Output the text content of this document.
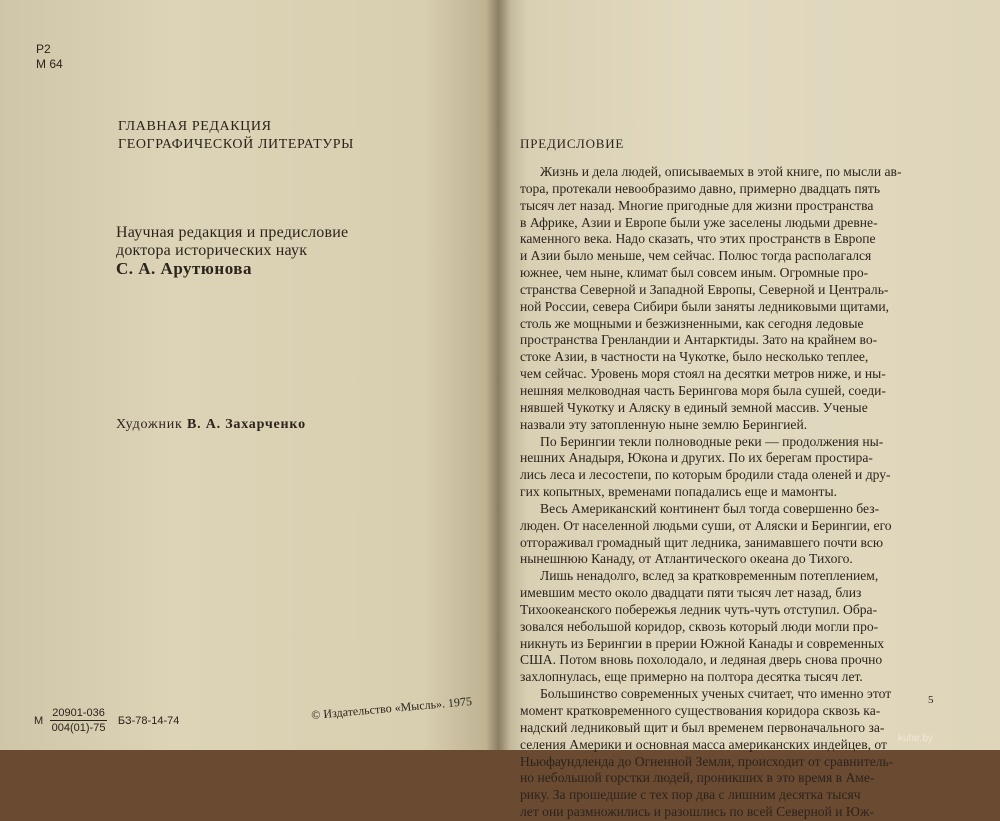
Р2
М 64
ГЛАВНАЯ РЕДАКЦИЯ
ГЕОГРАФИЧЕСКОЙ ЛИТЕРАТУРЫ
Научная редакция и предисловие
доктора исторических наук
С. А. Арутюнова
Художник В. А. Захарченко
М $\frac{20901-036}{004(01)-75} БЗ-78-14-74$	© Издательство «Мысль». 1975
ПРЕДИСЛОВИЕ
Жизнь и дела людей, описываемых в этой книге, по мысли ав-
тора, протекали невообразимо давно, примерно двадцать пять
тысяч лет назад. Многие пригодные для жизни пространства
в Африке, Азии и Европе были уже заселены людьми древне-
каменного века. Надо сказать, что этих пространств в Европе
и Азии было меньше, чем сейчас. Полюс тогда располагался
южнее, чем ныне, климат был совсем иным. Огромные про-
странства Северной и Западной Европы, Северной и Централь-
ной России, севера Сибири были заняты ледниковыми щитами,
столь же мощными и безжизненными, как сегодня ледовые
пространства Гренландии и Антарктиды. Зато на крайнем во-
стоке Азии, в частности на Чукотке, было несколько теплее,
чем сейчас. Уровень моря стоял на десятки метров ниже, и ны-
нешняя мелководная часть Берингова моря была сушей, соеди-
нявшей Чукотку и Аляску в единый земной массив. Ученые
назвали эту затопленную ныне землю Берингией.
По Берингии текли полноводные реки — продолжения ны-
нешних Анадыря, Юкона и других. По их берегам простира-
лись леса и лесостепи, по которым бродили стада оленей и дру-
гих копытных, временами попадались еще и мамонты.
Весь Американский континент был тогда совершенно без-
люден. От населенной людьми суши, от Аляски и Берингии, его
отгораживал громадный щит ледника, занимавшего почти всю
нынешнюю Канаду, от Атлантического океана до Тихого.
Лишь ненадолго, вслед за кратковременным потеплением,
имевшим место около двадцати пяти тысяч лет назад, близ
Тихоокеанского побережья ледник чуть-чуть отступил. Обра-
зовался небольшой коридор, сквозь который люди могли про-
никнуть из Берингии в прерии Южной Канады и современных
США. Потом вновь похолодало, и ледяная дверь снова прочно
захлопнулась, еще примерно на полтора десятка тысяч лет.
Большинство современных ученых считает, что именно этот
момент кратковременного существования коридора сквозь ка-
надский ледниковый щит и был временем первоначального за-
селения Америки и основная масса американских индейцев, от
Ньюфаундленда до Огненной Земли, происходит от сравнитель-
но небольшой горстки людей, проникших в это время в Аме-
рику. За прошедшие с тех пор два с лишним десятка тысяч
лет они размножились и разошлись по всей Северной и Юж-
5
kufar.by
